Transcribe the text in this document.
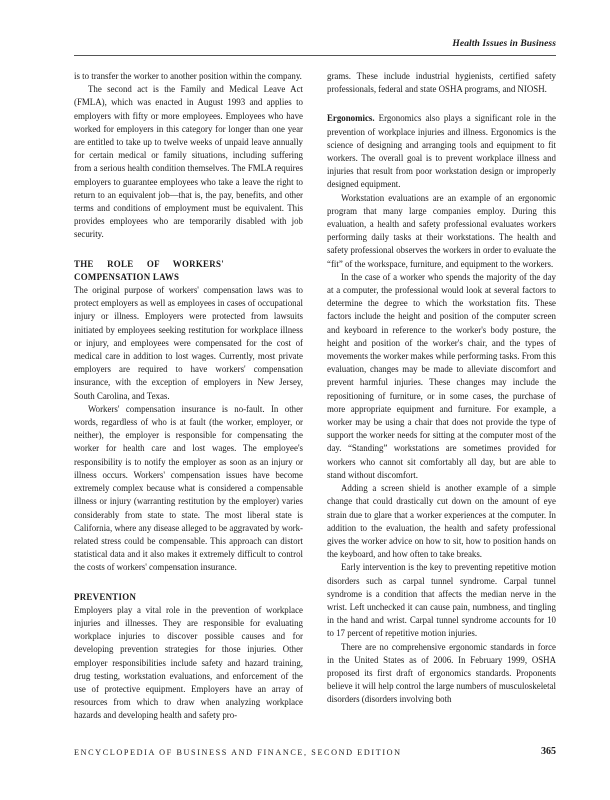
Health Issues in Business

is to transfer the worker to another position within the company.

The second act is the Family and Medical Leave Act (FMLA), which was enacted in August 1993 and applies to employers with fifty or more employees. Employees who have worked for employers in this category for longer than one year are entitled to take up to twelve weeks of unpaid leave annually for certain medical or family situations, including suffering from a serious health condition themselves. The FMLA requires employers to guarantee employees who take a leave the right to return to an equivalent job—that is, the pay, benefits, and other terms and conditions of employment must be equivalent. This provides employees who are temporarily disabled with job security.

THE ROLE OF WORKERS' COMPENSATION LAWS

The original purpose of workers' compensation laws was to protect employers as well as employees in cases of occupational injury or illness. Employers were protected from lawsuits initiated by employees seeking restitution for workplace illness or injury, and employees were compensated for the cost of medical care in addition to lost wages. Currently, most private employers are required to have workers' compensation insurance, with the exception of employers in New Jersey, South Carolina, and Texas.

Workers' compensation insurance is no-fault. In other words, regardless of who is at fault (the worker, employer, or neither), the employer is responsible for compensating the worker for health care and lost wages. The employee's responsibility is to notify the employer as soon as an injury or illness occurs. Workers' compensation issues have become extremely complex because what is considered a compensable illness or injury (warranting restitution by the employer) varies considerably from state to state. The most liberal state is California, where any disease alleged to be aggravated by work-related stress could be compensable. This approach can distort statistical data and it also makes it extremely difficult to control the costs of workers' compensation insurance.

PREVENTION

Employers play a vital role in the prevention of workplace injuries and illnesses. They are responsible for evaluating workplace injuries to discover possible causes and for developing prevention strategies for those injuries. Other employer responsibilities include safety and hazard training, drug testing, workstation evaluations, and enforcement of the use of protective equipment. Employers have an array of resources from which to draw when analyzing workplace hazards and developing health and safety pro-

grams. These include industrial hygienists, certified safety professionals, federal and state OSHA programs, and NIOSH.

Ergonomics. Ergonomics also plays a significant role in the prevention of workplace injuries and illness. Ergonomics is the science of designing and arranging tools and equipment to fit workers. The overall goal is to prevent workplace illness and injuries that result from poor workstation design or improperly designed equipment.

Workstation evaluations are an example of an ergonomic program that many large companies employ. During this evaluation, a health and safety professional evaluates workers performing daily tasks at their workstations. The health and safety professional observes the workers in order to evaluate the “fit” of the workspace, furniture, and equipment to the workers.

In the case of a worker who spends the majority of the day at a computer, the professional would look at several factors to determine the degree to which the workstation fits. These factors include the height and position of the computer screen and keyboard in reference to the worker's body posture, the height and position of the worker's chair, and the types of movements the worker makes while performing tasks. From this evaluation, changes may be made to alleviate discomfort and prevent harmful injuries. These changes may include the repositioning of furniture, or in some cases, the purchase of more appropriate equipment and furniture. For example, a worker may be using a chair that does not provide the type of support the worker needs for sitting at the computer most of the day. “Standing” workstations are sometimes provided for workers who cannot sit comfortably all day, but are able to stand without discomfort.

Adding a screen shield is another example of a simple change that could drastically cut down on the amount of eye strain due to glare that a worker experiences at the computer. In addition to the evaluation, the health and safety professional gives the worker advice on how to sit, how to position hands on the keyboard, and how often to take breaks.

Early intervention is the key to preventing repetitive motion disorders such as carpal tunnel syndrome. Carpal tunnel syndrome is a condition that affects the median nerve in the wrist. Left unchecked it can cause pain, numbness, and tingling in the hand and wrist. Carpal tunnel syndrome accounts for 10 to 17 percent of repetitive motion injuries.

There are no comprehensive ergonomic standards in force in the United States as of 2006. In February 1999, OSHA proposed its first draft of ergonomics standards. Proponents believe it will help control the large numbers of musculoskeletal disorders (disorders involving both

ENCYCLOPEDIA OF BUSINESS AND FINANCE, SECOND EDITION	365
